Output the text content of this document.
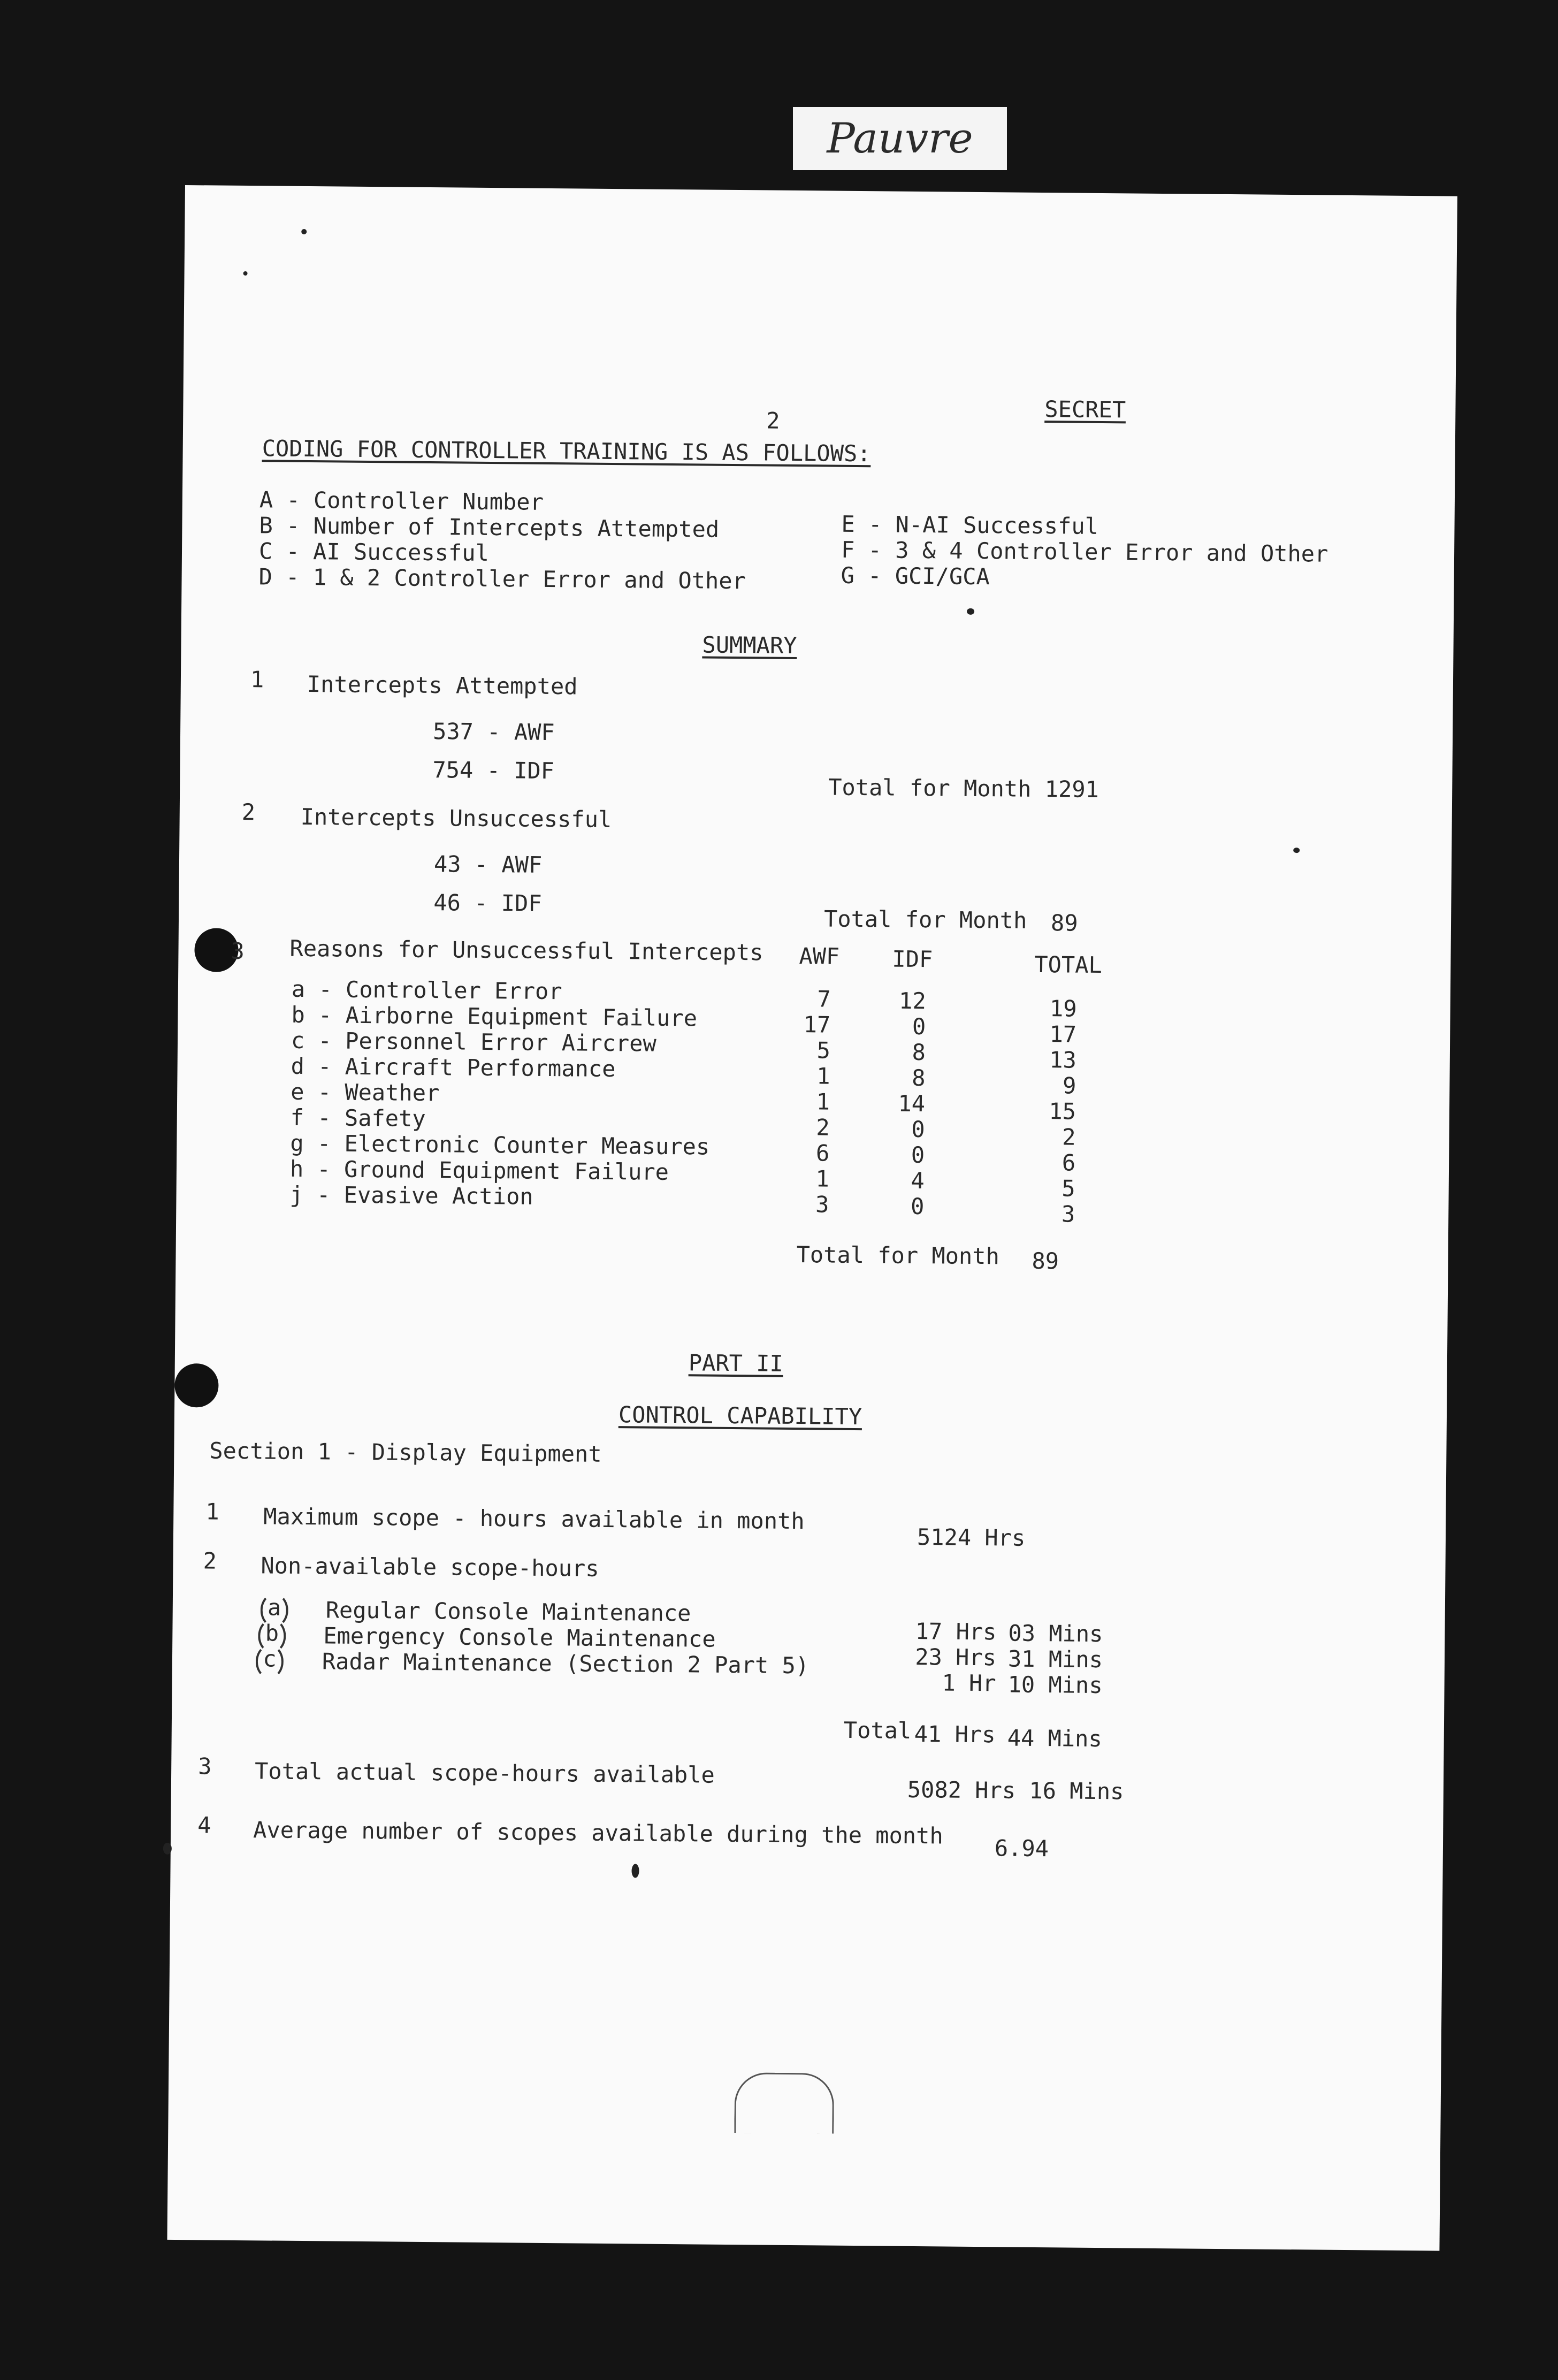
Pauvre
2	SECRET
CODING FOR CONTROLLER TRAINING IS AS FOLLOWS:
A - Controller Number
B - Number of Intercepts Attempted
C - AI Successful
D - 1 & 2 Controller Error and Other
E - N-AI Successful
F - 3 & 4 Controller Error and Other
G - GCI/GCA
SUMMARY
1 Intercepts Attempted
537 - AWF
754 - IDF
Total for Month 1291
2 Intercepts Unsuccessful
43 - AWF
46 - IDF
Total for Month 89
3 Reasons for Unsuccessful Intercepts AWF IDF	TOTAL
a - Controller Error	7	12	19
b - Airborne Equipment Failure	17	0	17
c - Personnel Error Aircrew	5	8	13
d - Aircraft Performance	1	8	9
e - Weather	1	14	15
f - Safety	2	0	2
g - Electronic Counter Measures	6	0	6
h - Ground Equipment Failure	1	4	5
j - Evasive Action	3	0	3
Total for Month 89
PART II
CONTROL CAPABILITY
Section 1 - Display Equipment
1 Maximum scope - hours available in month
5124 Hrs
2 Non-available scope-hours
a	Regular Console Maintenance
17 Hrs 03 Mins
b	Emergency Console Maintenance
23 Hrs 31 Mins
c	Radar Maintenance (Section 2 Part 5)
1 Hr 10 Mins
Total 41 Hrs 44 Mins
3 Total actual scope-hours available
5082 Hrs 16 Mins
4 Average number of scopes available during the month 6.94
